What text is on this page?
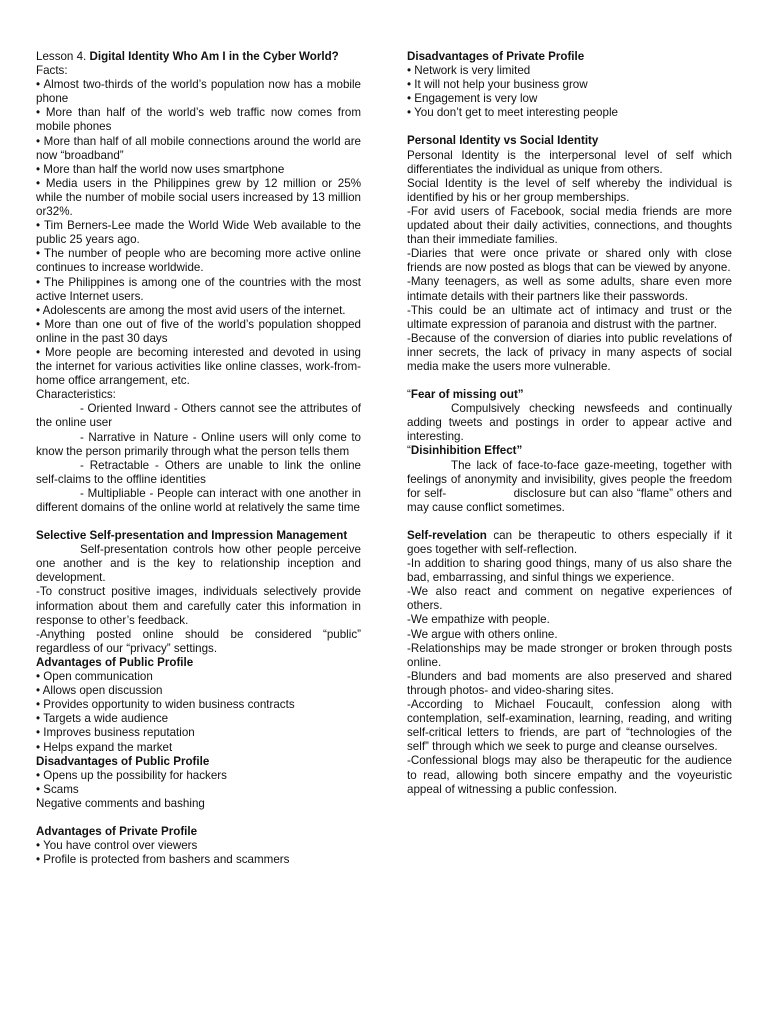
Lesson 4. Digital Identity Who Am I in the Cyber World?
Facts:
• Almost two-thirds of the world’s population now has a mobile phone
• More than half of the world’s web traffic now comes from mobile phones
• More than half of all mobile connections around the world are now “broadband”
• More than half the world now uses smartphone
• Media users in the Philippines grew by 12 million or 25% while the number of mobile social users increased by 13 million or32%.
• Tim Berners-Lee made the World Wide Web available to the public 25 years ago.
• The number of people who are becoming more active online continues to increase worldwide.
• The Philippines is among one of the countries with the most active Internet users.
• Adolescents are among the most avid users of the internet.
• More than one out of five of the world’s population shopped online in the past 30 days
• More people are becoming interested and devoted in using the internet for various activities like online classes, work-from- home office arrangement, etc.
Characteristics:
- Oriented Inward - Others cannot see the attributes of the online user
- Narrative in Nature - Online users will only come to know the person primarily through what the person tells them
- Retractable - Others are unable to link the online self-claims to the offline identities
- Multipliable - People can interact with one another in different domains of the online world at relatively the same time
Selective Self-presentation and Impression Management
Self-presentation controls how other people perceive one another and is the key to relationship inception and development.
-To construct positive images, individuals selectively provide information about them and carefully cater this information in response to other’s feedback.
-Anything posted online should be considered “public” regardless of our “privacy” settings.
Advantages of Public Profile
• Open communication
• Allows open discussion
• Provides opportunity to widen business contracts
• Targets a wide audience
• Improves business reputation
• Helps expand the market
Disadvantages of Public Profile
• Opens up the possibility for hackers
• Scams
Negative comments and bashing
Advantages of Private Profile
• You have control over viewers
• Profile is protected from bashers and scammers
Disadvantages of Private Profile
• Network is very limited
• It will not help your business grow
• Engagement is very low
• You don’t get to meet interesting people
Personal Identity vs Social Identity
Personal Identity is the interpersonal level of self which differentiates the individual as unique from others.
Social Identity is the level of self whereby the individual is identified by his or her group memberships.
-For avid users of Facebook, social media friends are more updated about their daily activities, connections, and thoughts than their immediate families.
-Diaries that were once private or shared only with close friends are now posted as blogs that can be viewed by anyone.
-Many teenagers, as well as some adults, share even more intimate details with their partners like their passwords.
-This could be an ultimate act of intimacy and trust or the ultimate expression of paranoia and distrust with the partner.
-Because of the conversion of diaries into public revelations of inner secrets, the lack of privacy in many aspects of social media make the users more vulnerable.
“Fear of missing out”
Compulsively checking newsfeeds and continually adding tweets and postings in order to appear active and interesting.
“Disinhibition Effect”
The lack of face-to-face gaze-meeting, together with feelings of anonymity and invisibility, gives people the freedom for self-                  disclosure but can also “flame” others and may cause conflict sometimes.
Self-revelation can be therapeutic to others especially if it goes together with self-reflection.
-In addition to sharing good things, many of us also share the bad, embarrassing, and sinful things we experience.
-We also react and comment on negative experiences of others.
-We empathize with people.
-We argue with others online.
-Relationships may be made stronger or broken through posts online.
-Blunders and bad moments are also preserved and shared through photos- and video-sharing sites.
-According to Michael Foucault, confession along with contemplation, self-examination, learning, reading, and writing self-critical letters to friends, are part of “technologies of the self” through which we seek to purge and cleanse ourselves.
-Confessional blogs may also be therapeutic for the audience to read, allowing both sincere empathy and the voyeuristic appeal of witnessing a public confession.
